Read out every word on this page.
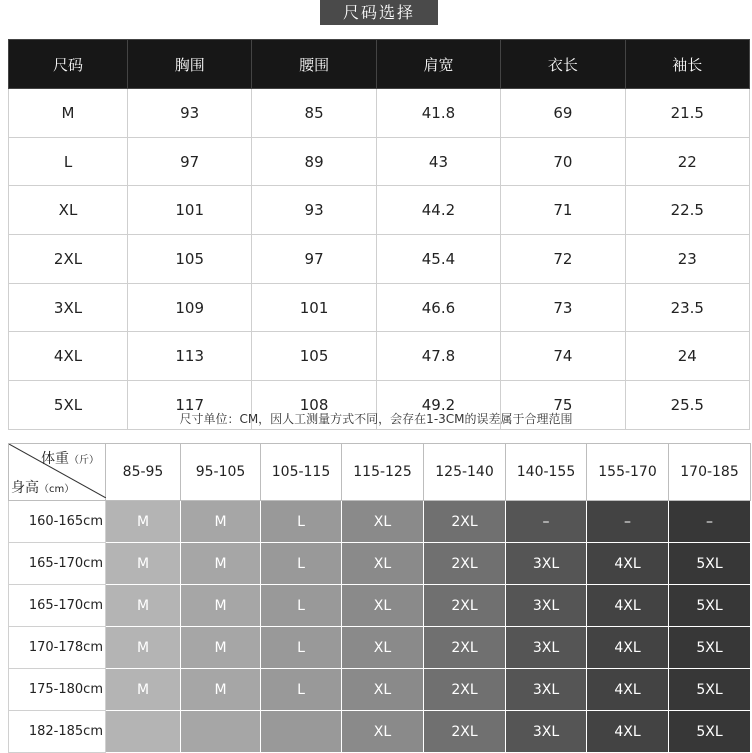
尺码选择
尺码	胸围	腰围	肩宽	衣长	袖长
M	93	85	41.8	69	21.5
L	97	89	43	70	22
XL	101	93	44.2	71	22.5
2XL	105	97	45.4	72	23
3XL	109	101	46.6	73	23.5
4XL	113	105	47.8	74	24
5XL	117	108	49.2	75	25.5
尺寸单位：CM，因人工测量方式不同，会存在1-3CM的误差属于合理范围
体重（斤）
身高（cm）	85-95	95-105	105-115	115-125	125-140	140-155	155-170	170-185
160-165cm	M	M	L	XL	2XL	–	–	–
165-170cm	M	M	L	XL	2XL	3XL	4XL	5XL
165-170cm	M	M	L	XL	2XL	3XL	4XL	5XL
170-178cm	M	M	L	XL	2XL	3XL	4XL	5XL
175-180cm	M	M	L	XL	2XL	3XL	4XL	5XL
182-185cm				XL	2XL	3XL	4XL	5XL
